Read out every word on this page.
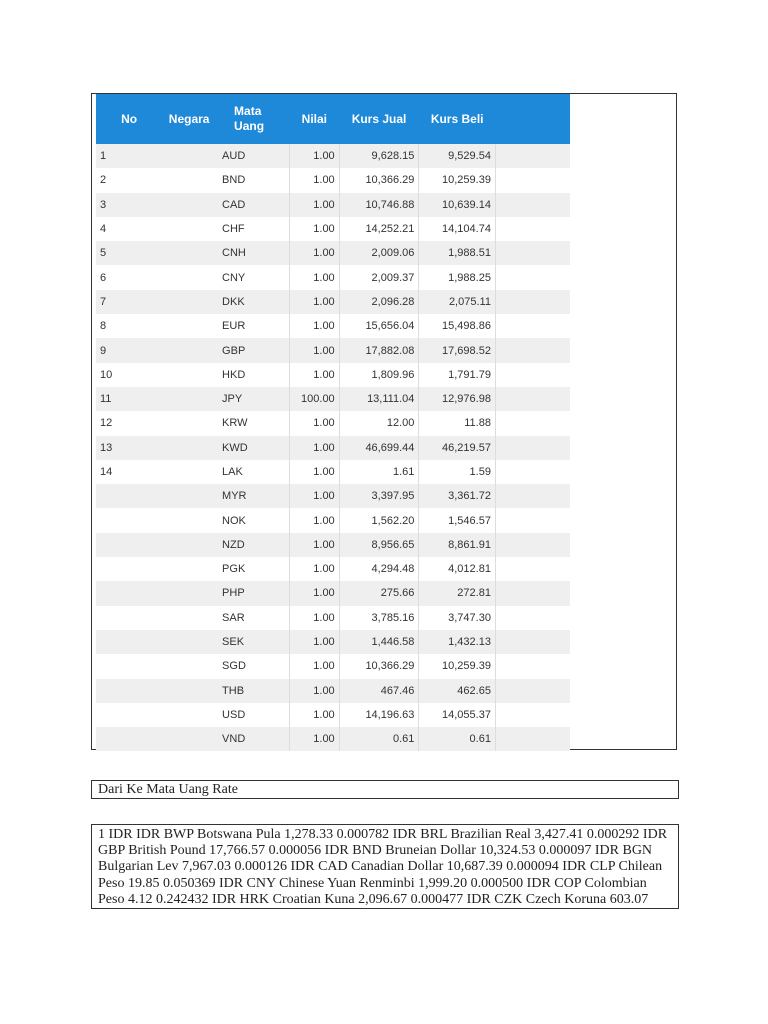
No	Negara	Mata
Uang	Nilai	Kurs Jual	Kurs Beli	
1		AUD	1.00	9,628.15	9,529.54	
2		BND	1.00	10,366.29	10,259.39	
3		CAD	1.00	10,746.88	10,639.14	
4		CHF	1.00	14,252.21	14,104.74	
5		CNH	1.00	2,009.06	1,988.51	
6		CNY	1.00	2,009.37	1,988.25	
7		DKK	1.00	2,096.28	2,075.11	
8		EUR	1.00	15,656.04	15,498.86	
9		GBP	1.00	17,882.08	17,698.52	
10		HKD	1.00	1,809.96	1,791.79	
11		JPY	100.00	13,111.04	12,976.98	
12		KRW	1.00	12.00	11.88	
13		KWD	1.00	46,699.44	46,219.57	
14		LAK	1.00	1.61	1.59	
		MYR	1.00	3,397.95	3,361.72	
		NOK	1.00	1,562.20	1,546.57	
		NZD	1.00	8,956.65	8,861.91	
		PGK	1.00	4,294.48	4,012.81	
		PHP	1.00	275.66	272.81	
		SAR	1.00	3,785.16	3,747.30	
		SEK	1.00	1,446.58	1,432.13	
		SGD	1.00	10,366.29	10,259.39	
		THB	1.00	467.46	462.65	
		USD	1.00	14,196.63	14,055.37	
		VND	1.00	0.61	0.61	
Dari Ke Mata Uang Rate
1 IDR IDR BWP Botswana Pula 1,278.33 0.000782 IDR BRL Brazilian Real 3,427.41 0.000292 IDR GBP British Pound 17,766.57 0.000056 IDR BND Bruneian Dollar 10,324.53 0.000097 IDR BGN Bulgarian Lev 7,967.03 0.000126 IDR CAD Canadian Dollar 10,687.39 0.000094 IDR CLP Chilean Peso 19.85 0.050369 IDR CNY Chinese Yuan Renminbi 1,999.20 0.000500 IDR COP Colombian Peso 4.12 0.242432 IDR HRK Croatian Kuna 2,096.67 0.000477 IDR CZK Czech Koruna 603.07
